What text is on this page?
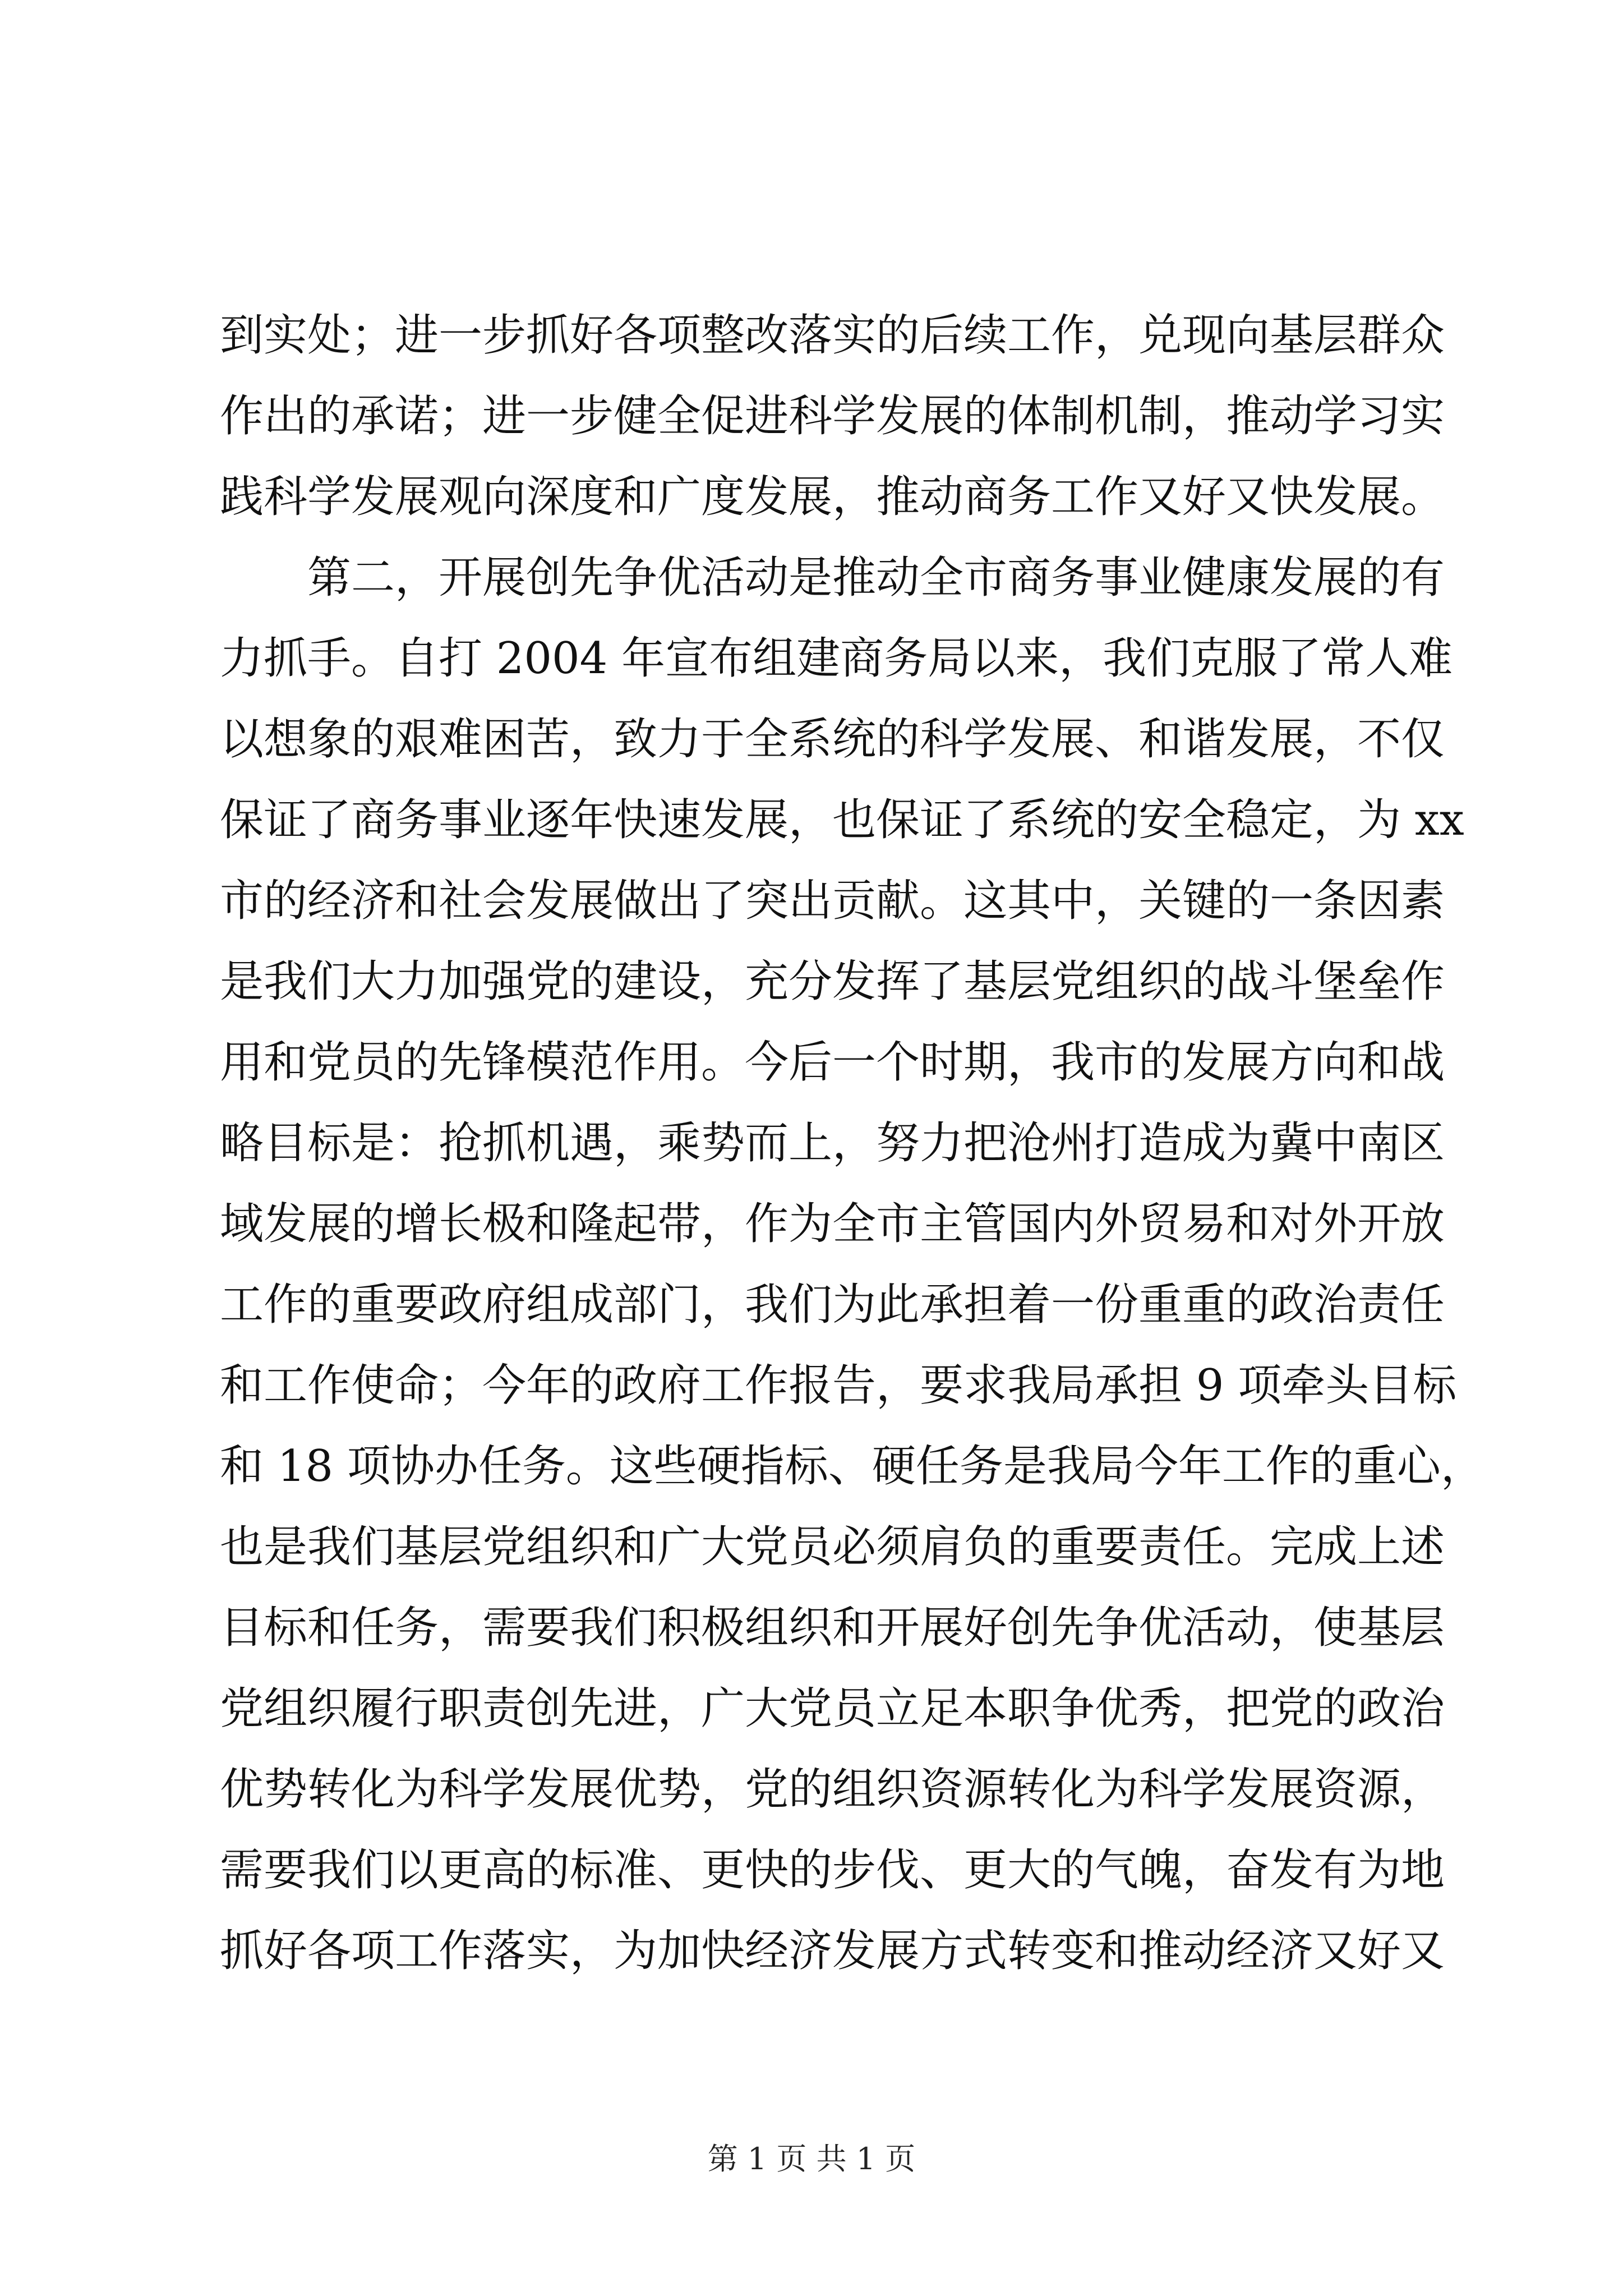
到实处；进一步抓好各项整改落实的后续工作，兑现向基层群众
作出的承诺；进一步健全促进科学发展的体制机制，推动学习实
践科学发展观向深度和广度发展，推动商务工作又好又快发展。
　　第二，开展创先争优活动是推动全市商务事业健康发展的有
力抓手。自打 2004 年宣布组建商务局以来，我们克服了常人难
以想象的艰难困苦，致力于全系统的科学发展、和谐发展，不仅
保证了商务事业逐年快速发展，也保证了系统的安全稳定，为 xx
市的经济和社会发展做出了突出贡献。这其中，关键的一条因素
是我们大力加强党的建设，充分发挥了基层党组织的战斗堡垒作
用和党员的先锋模范作用。今后一个时期，我市的发展方向和战
略目标是：抢抓机遇，乘势而上，努力把沧州打造成为冀中南区
域发展的增长极和隆起带，作为全市主管国内外贸易和对外开放
工作的重要政府组成部门，我们为此承担着一份重重的政治责任
和工作使命；今年的政府工作报告，要求我局承担 9 项牵头目标
和 18 项协办任务。这些硬指标、硬任务是我局今年工作的重心，
也是我们基层党组织和广大党员必须肩负的重要责任。完成上述
目标和任务，需要我们积极组织和开展好创先争优活动，使基层
党组织履行职责创先进，广大党员立足本职争优秀，把党的政治
优势转化为科学发展优势，党的组织资源转化为科学发展资源，
需要我们以更高的标准、更快的步伐、更大的气魄，奋发有为地
抓好各项工作落实，为加快经济发展方式转变和推动经济又好又
第 1 页 共 1 页
